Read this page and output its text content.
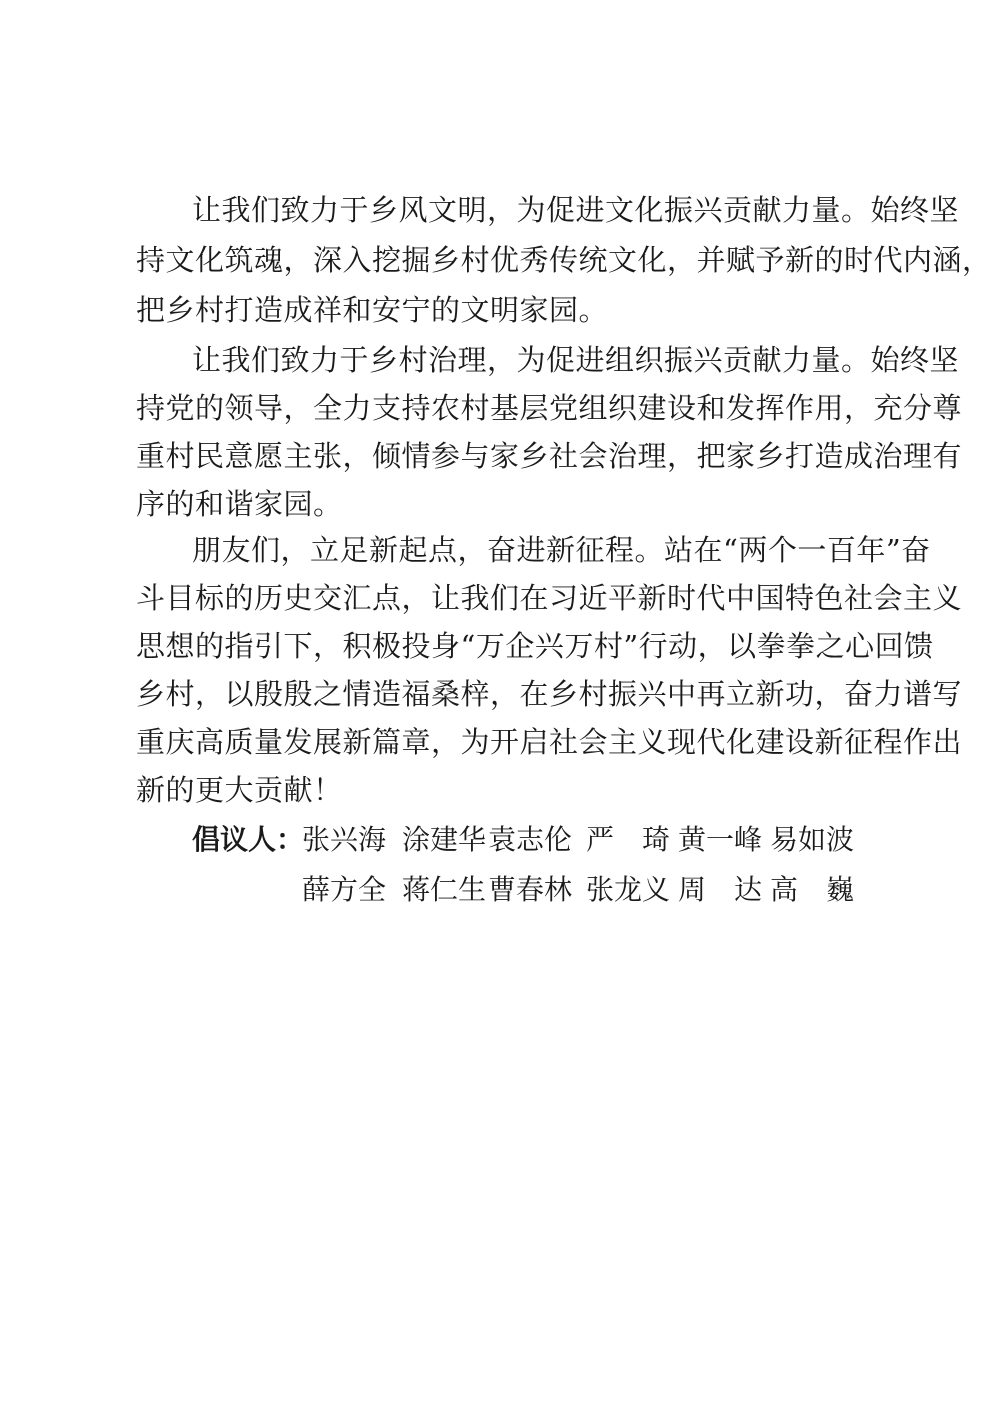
让我们致力于乡风文明，为促进文化振兴贡献力量。始终坚
持文化筑魂，深入挖掘乡村优秀传统文化，并赋予新的时代内涵，
把乡村打造成祥和安宁的文明家园。
让我们致力于乡村治理，为促进组织振兴贡献力量。始终坚
持党的领导，全力支持农村基层党组织建设和发挥作用，充分尊
重村民意愿主张，倾情参与家乡社会治理，把家乡打造成治理有
序的和谐家园。
朋友们，立足新起点，奋进新征程。站在“两个一百年”奋
斗目标的历史交汇点，让我们在习近平新时代中国特色社会主义
思想的指引下，积极投身“万企兴万村”行动，以拳拳之心回馈
乡村，以殷殷之情造福桑梓，在乡村振兴中再立新功，奋力谱写
重庆高质量发展新篇章，为开启社会主义现代化建设新征程作出
新的更大贡献！
倡议人：
张兴海 涂建华 袁志伦 严　琦 黄一峰 易如波
薛方全 蒋仁生 曹春林 张龙义 周　达 高　巍
